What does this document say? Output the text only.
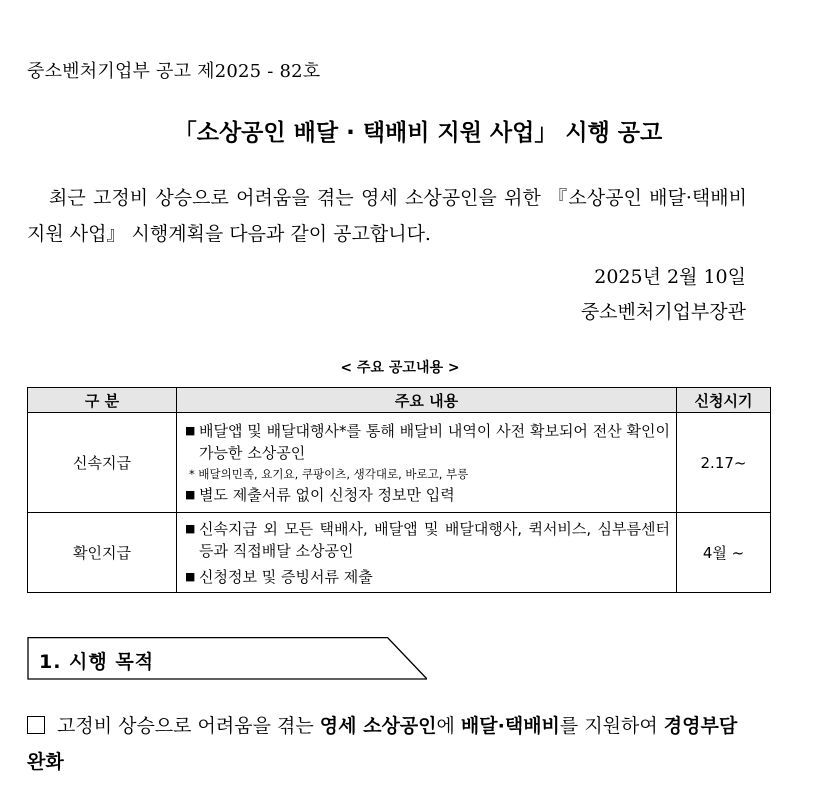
중소벤처기업부 공고 제2025 - 82호
「소상공인 배달 · 택배비 지원 사업」 시행 공고
최근 고정비 상승으로 어려움을 겪는 영세 소상공인을 위한 『소상공인 배달·택배비 지원 사업』 시행계획을 다음과 같이 공고합니다.
2025년 2월 10일
중소벤처기업부장관
< 주요 공고내용 >
구 분	주요 내용	신청시기
신속지급	■ 배달앱 및 배달대행사*를 통해 배달비 내역이 사전 확보되어 전산 확인이 가능한 소상공인
* 배달의민족, 요기요, 쿠팡이츠, 생각대로, 바로고, 부릉
■ 별도 제출서류 없이 신청자 정보만 입력	2.17~
확인지급	■ 신속지급 외 모든 택배사, 배달앱 및 배달대행사, 퀵서비스, 심부름센터 등과 직접배달 소상공인
■ 신청정보 및 증빙서류 제출	4월 ~
1. 시행 목적
고정비 상승으로 어려움을 겪는 영세 소상공인에 배달·택배비를 지원하여 경영부담 완화
